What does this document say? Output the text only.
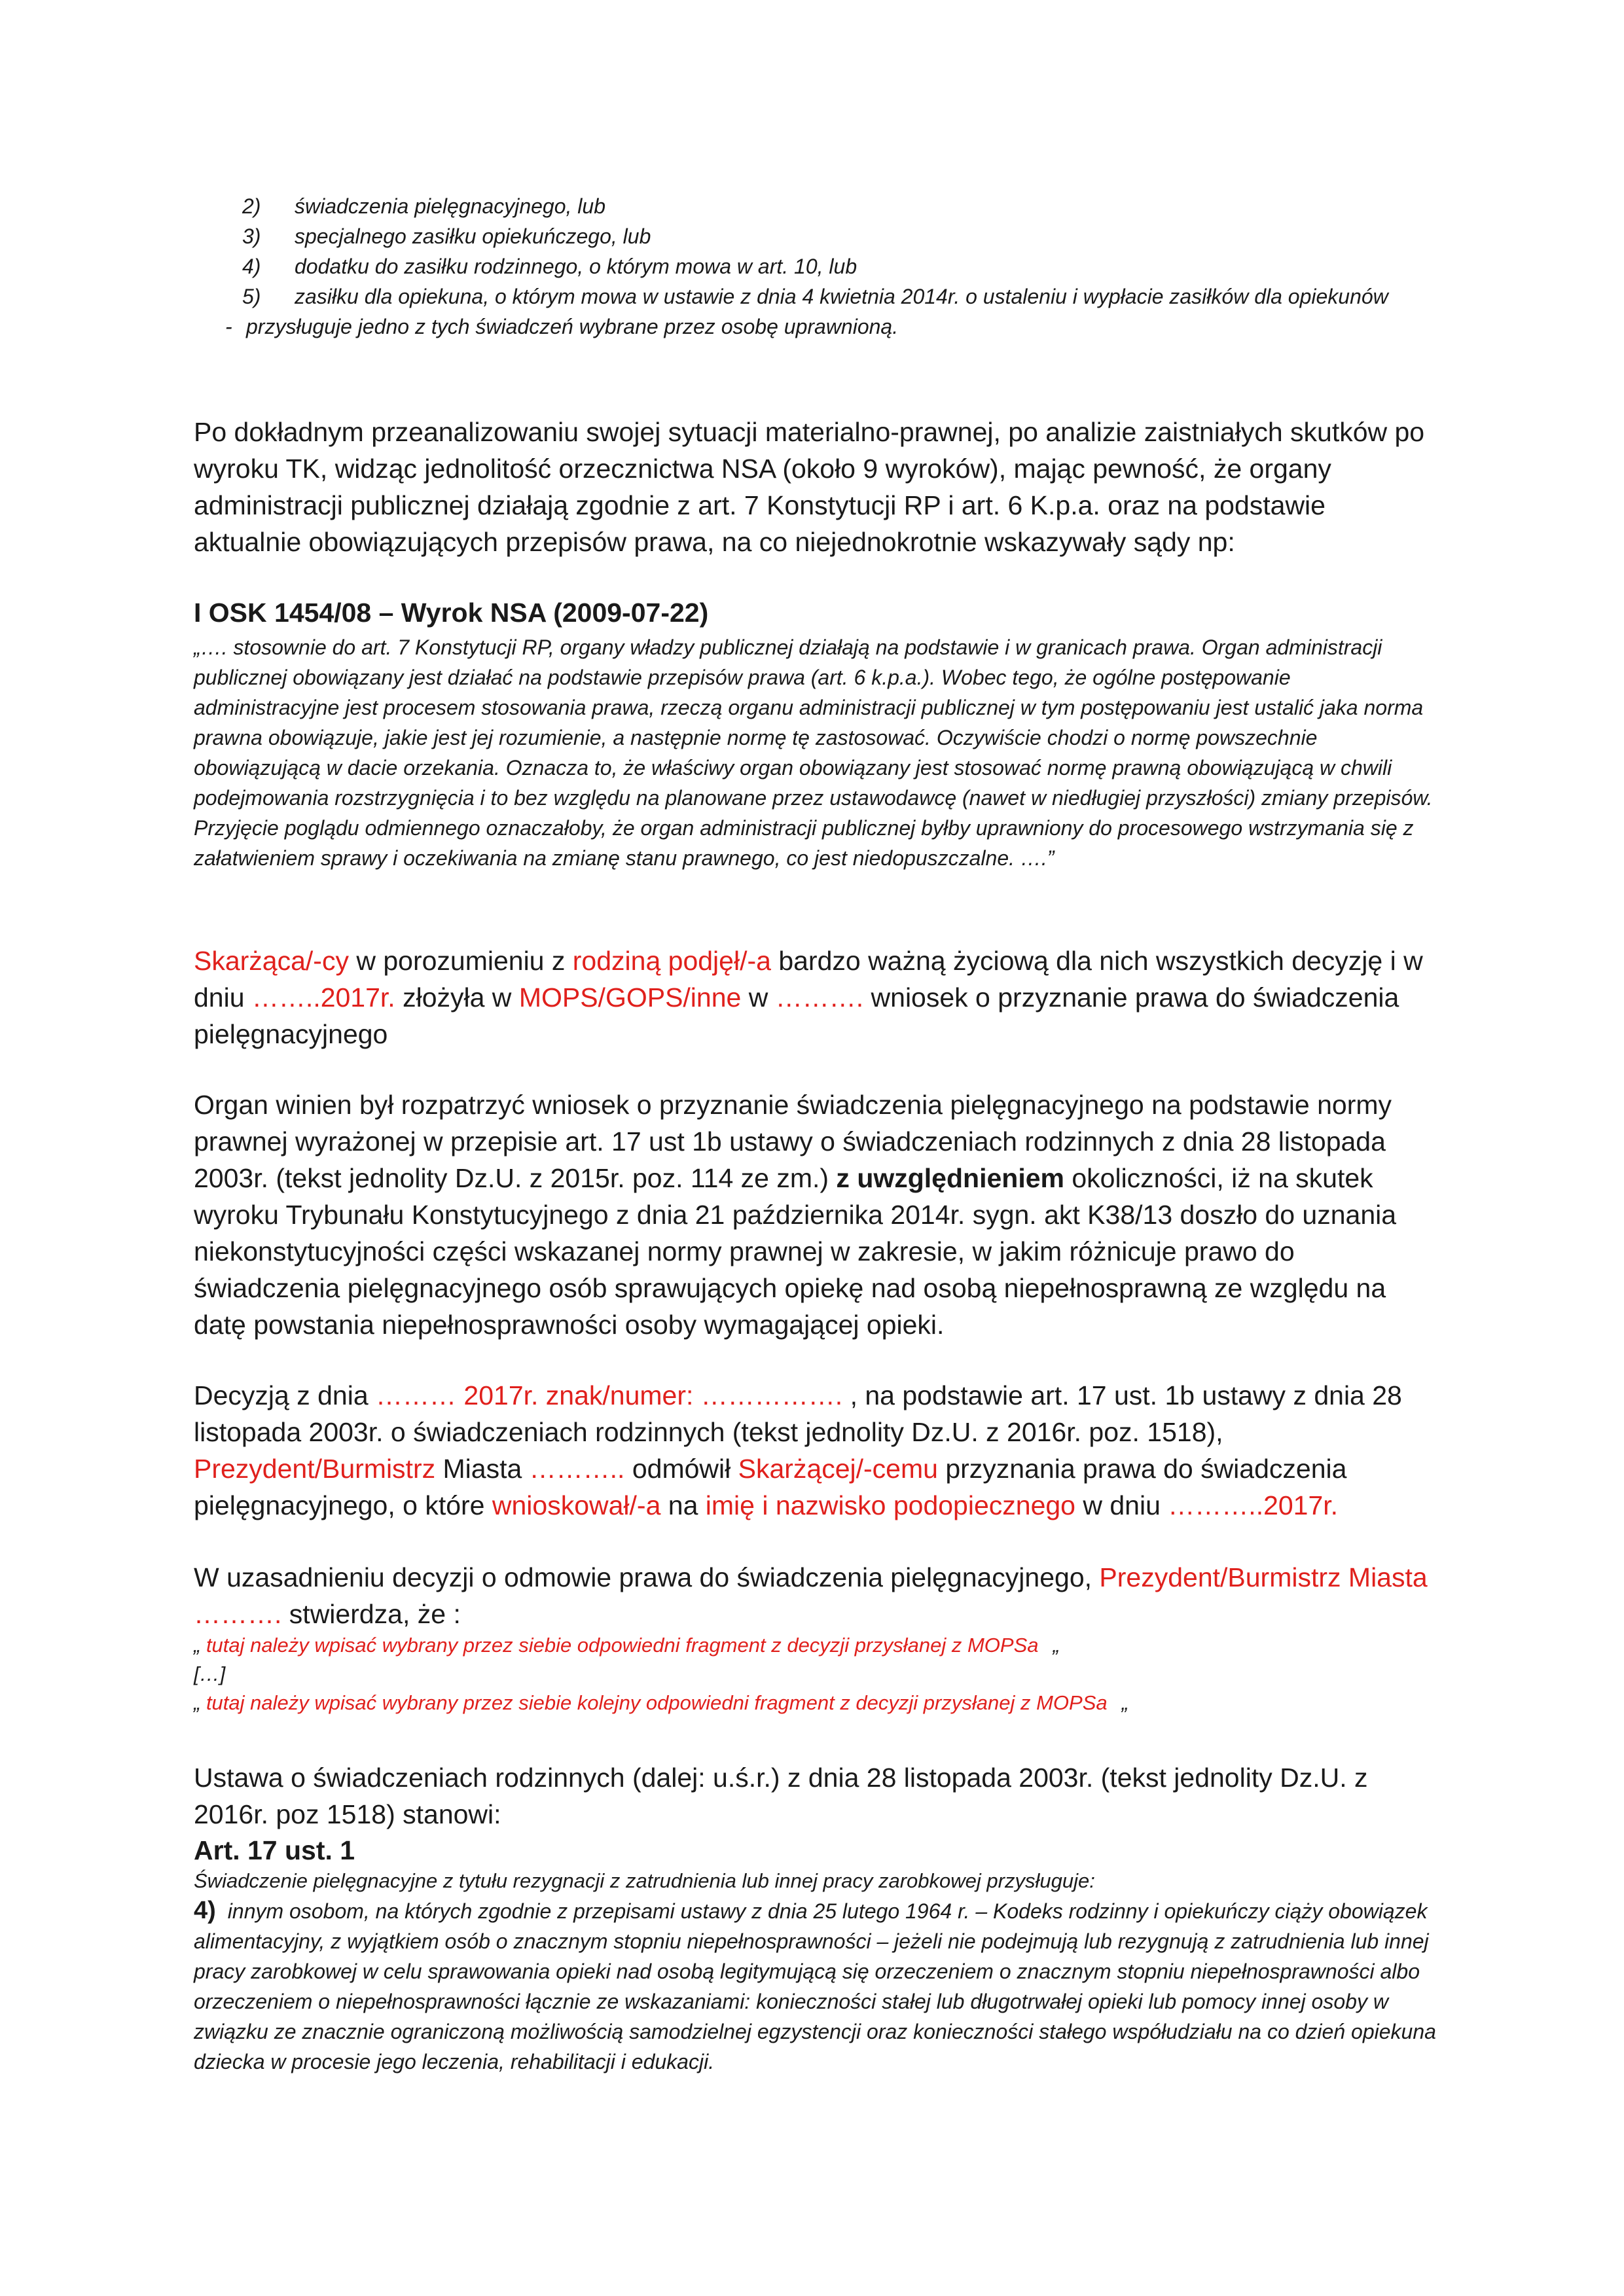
2) świadczenia pielęgnacyjnego, lub
3) specjalnego zasiłku opiekuńczego, lub
4) dodatku do zasiłku rodzinnego, o którym mowa w art. 10, lub
5) zasiłku dla opiekuna, o którym mowa w ustawie z dnia 4 kwietnia 2014r. o ustaleniu i wypłacie zasiłków dla opiekunów
- przysługuje jedno z tych świadczeń wybrane przez osobę uprawnioną.
Po dokładnym przeanalizowaniu swojej sytuacji materialno-prawnej, po analizie zaistniałych skutków po wyroku TK, widząc jednolitość orzecznictwa NSA (około 9 wyroków), mając pewność, że organy administracji publicznej działają zgodnie z art. 7 Konstytucji RP i art. 6 K.p.a. oraz na podstawie aktualnie obowiązujących przepisów prawa, na co niejednokrotnie wskazywały sądy np:
I OSK 1454/08 – Wyrok NSA (2009-07-22)
„…. stosownie do art. 7 Konstytucji RP, organy władzy publicznej działają na podstawie i w granicach prawa. Organ administracji publicznej obowiązany jest działać na podstawie przepisów prawa (art. 6 k.p.a.). Wobec tego, że ogólne postępowanie administracyjne jest procesem stosowania prawa, rzeczą organu administracji publicznej w tym postępowaniu jest ustalić jaka norma prawna obowiązuje, jakie jest jej rozumienie, a następnie normę tę zastosować. Oczywiście chodzi o normę powszechnie obowiązującą w dacie orzekania. Oznacza to, że właściwy organ obowiązany jest stosować normę prawną obowiązującą w chwili podejmowania rozstrzygnięcia i to bez względu na planowane przez ustawodawcę (nawet w niedługiej przyszłości) zmiany przepisów. Przyjęcie poglądu odmiennego oznaczałoby, że organ administracji publicznej byłby uprawniony do procesowego wstrzymania się z załatwieniem sprawy i oczekiwania na zmianę stanu prawnego, co jest niedopuszczalne. ….”
Skarżąca/-cy w porozumieniu z rodziną podjęł/-a bardzo ważną życiową dla nich wszystkich decyzję i w dniu ……..2017r. złożyła w MOPS/GOPS/inne w ………. wniosek o przyznanie prawa do świadczenia pielęgnacyjnego
Organ winien był rozpatrzyć wniosek o przyznanie świadczenia pielęgnacyjnego na podstawie normy prawnej wyrażonej w przepisie art. 17 ust 1b ustawy o świadczeniach rodzinnych z dnia 28 listopada 2003r. (tekst jednolity Dz.U. z 2015r. poz. 114 ze zm.) z uwzględnieniem okoliczności, iż na skutek wyroku Trybunału Konstytucyjnego z dnia 21 października 2014r. sygn. akt K38/13 doszło do uznania niekonstytucyjności części wskazanej normy prawnej w zakresie, w jakim różnicuje prawo do świadczenia pielęgnacyjnego osób sprawujących opiekę nad osobą niepełnosprawną ze względu na datę powstania niepełnosprawności osoby wymagającej opieki.
Decyzją z dnia ……… 2017r. znak/numer: ……………. , na podstawie art. 17 ust. 1b ustawy z dnia 28 listopada 2003r. o świadczeniach rodzinnych (tekst jednolity Dz.U. z 2016r. poz. 1518), Prezydent/Burmistrz Miasta ……….. odmówił Skarżącej/-cemu przyznania prawa do świadczenia pielęgnacyjnego, o które wnioskował/-a na imię i nazwisko podopiecznego w dniu ………..2017r.
W uzasadnieniu decyzji o odmowie prawa do świadczenia pielęgnacyjnego, Prezydent/Burmistrz Miasta ………. stwierdza, że :
„ tutaj należy wpisać wybrany przez siebie odpowiedni fragment z decyzji przysłanej z MOPSa „
[…]
„ tutaj należy wpisać wybrany przez siebie kolejny odpowiedni fragment z decyzji przysłanej z MOPSa „
Ustawa o świadczeniach rodzinnych (dalej: u.ś.r.) z dnia 28 listopada 2003r. (tekst jednolity Dz.U. z 2016r. poz 1518) stanowi:
Art. 17 ust. 1
Świadczenie pielęgnacyjne z tytułu rezygnacji z zatrudnienia lub innej pracy zarobkowej przysługuje:
4) innym osobom, na których zgodnie z przepisami ustawy z dnia 25 lutego 1964 r. – Kodeks rodzinny i opiekuńczy ciąży obowiązek alimentacyjny, z wyjątkiem osób o znacznym stopniu niepełnosprawności – jeżeli nie podejmują lub rezygnują z zatrudnienia lub innej pracy zarobkowej w celu sprawowania opieki nad osobą legitymującą się orzeczeniem o znacznym stopniu niepełnosprawności albo orzeczeniem o niepełnosprawności łącznie ze wskazaniami: konieczności stałej lub długotrwałej opieki lub pomocy innej osoby w związku ze znacznie ograniczoną możliwością samodzielnej egzystencji oraz konieczności stałego współudziału na co dzień opiekuna dziecka w procesie jego leczenia, rehabilitacji i edukacji.
